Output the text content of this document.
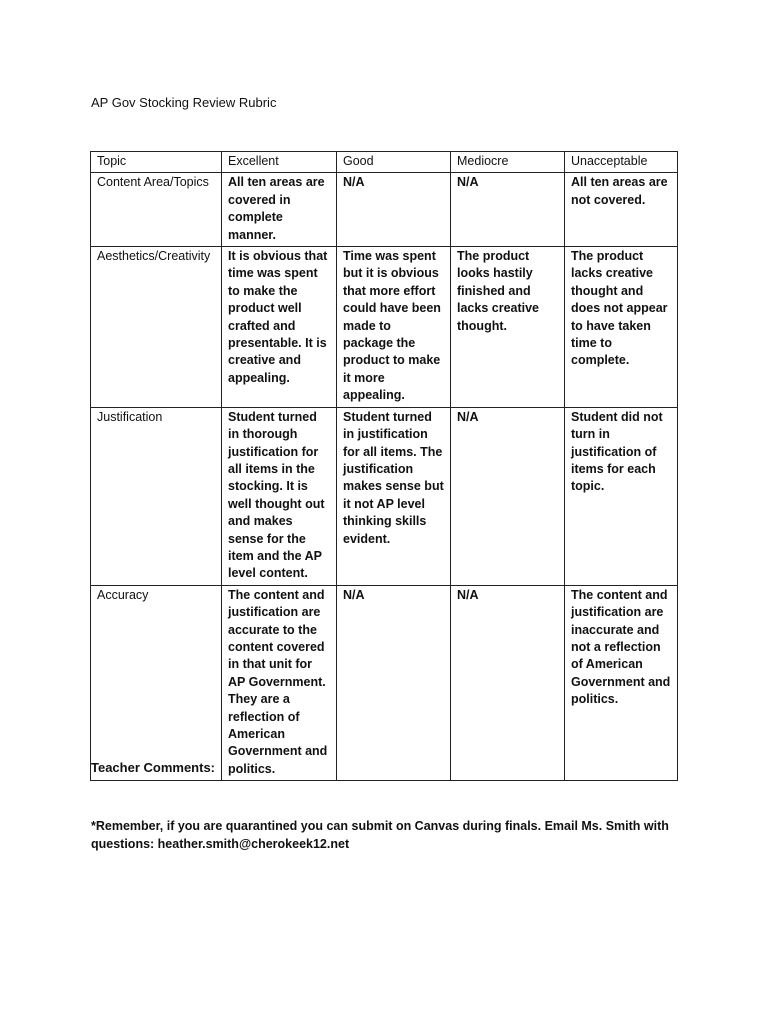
AP Gov Stocking Review Rubric
Topic	Excellent	Good	Mediocre	Unacceptable
Content Area/Topics	All ten areas are covered in complete manner.	N/A	N/A	All ten areas are not covered.
Aesthetics/Creativity	It is obvious that time was spent to make the product well crafted and presentable. It is creative and appealing.	Time was spent but it is obvious that more effort could have been made to package the product to make it more appealing.	The product looks hastily finished and lacks creative thought.	The product lacks creative thought and does not appear to have taken time to complete.
Justification	Student turned in thorough justification for all items in the stocking. It is well thought out and makes sense for the item and the AP level content.	Student turned in justification for all items. The justification makes sense but it not AP level thinking skills evident.	N/A	Student did not turn in justification of items for each topic.
Accuracy	The content and justification are accurate to the content covered in that unit for AP Government. They are a reflection of American Government and politics.	N/A	N/A	The content and justification are inaccurate and not a reflection of American Government and politics.
Teacher Comments:
*Remember, if you are quarantined you can submit on Canvas during finals. Email Ms. Smith with questions: heather.smith@cherokeek12.net
